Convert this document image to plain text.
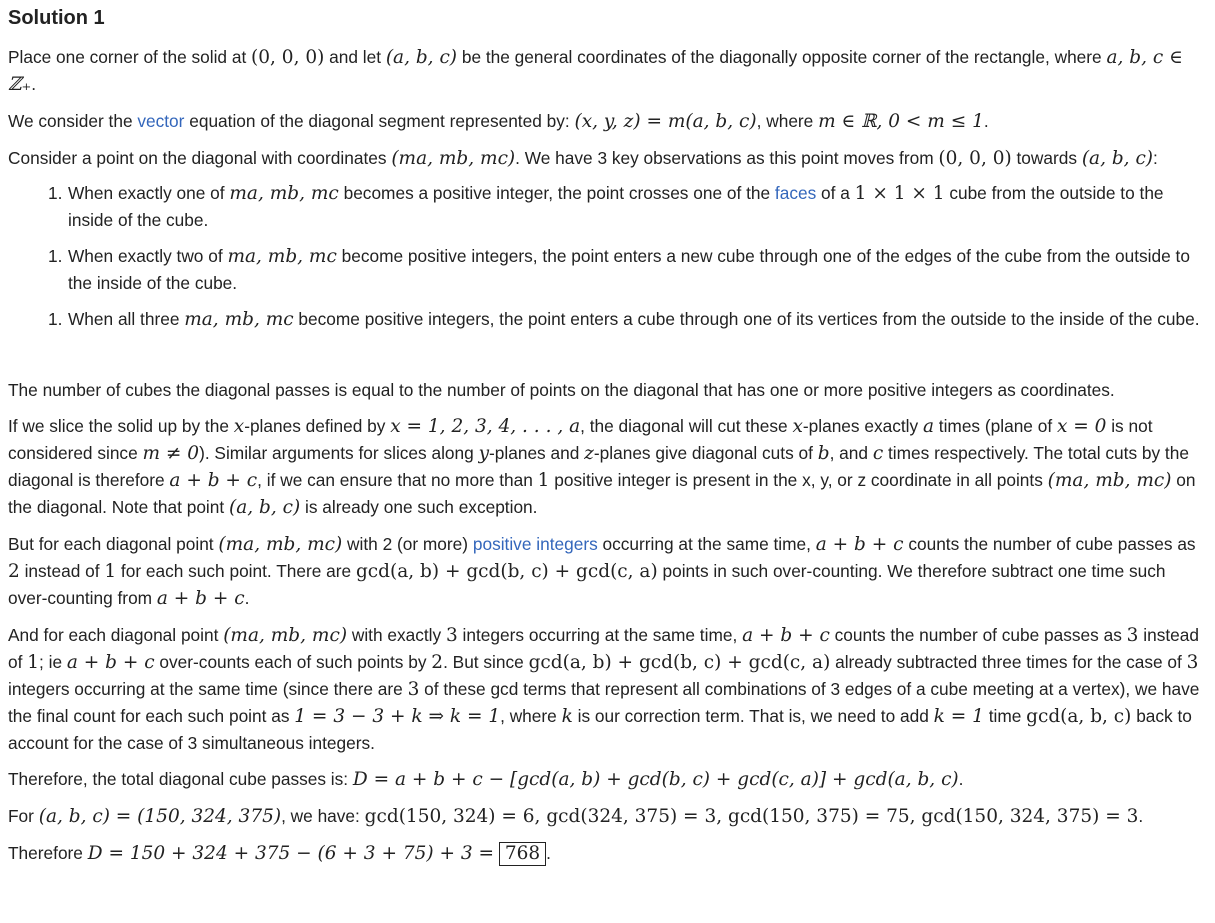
Solution 1

Place one corner of the solid at (0, 0, 0) and let (a, b, c) be the general coordinates of the diagonally opposite corner of the rectangle, where a, b, c ∈ ℤ₊.

We consider the vector equation of the diagonal segment represented by: (x, y, z) = m(a, b, c), where m ∈ ℝ, 0 < m ≤ 1.

Consider a point on the diagonal with coordinates (ma, mb, mc). We have 3 key observations as this point moves from (0, 0, 0) towards (a, b, c):

1. When exactly one of ma, mb, mc becomes a positive integer, the point crosses one of the faces of a 1 × 1 × 1 cube from the outside to the inside of the cube.
1. When exactly two of ma, mb, mc become positive integers, the point enters a new cube through one of the edges of the cube from the outside to the inside of the cube.
1. When all three ma, mb, mc become positive integers, the point enters a cube through one of its vertices from the outside to the inside of the cube.

The number of cubes the diagonal passes is equal to the number of points on the diagonal that has one or more positive integers as coordinates.

If we slice the solid up by the x-planes defined by x = 1, 2, 3, 4, . . . , a, the diagonal will cut these x-planes exactly a times (plane of x = 0 is not considered since m ≠ 0). Similar arguments for slices along y-planes and z-planes give diagonal cuts of b, and c times respectively. The total cuts by the diagonal is therefore a + b + c, if we can ensure that no more than 1 positive integer is present in the x, y, or z coordinate in all points (ma, mb, mc) on the diagonal. Note that point (a, b, c) is already one such exception.

But for each diagonal point (ma, mb, mc) with 2 (or more) positive integers occurring at the same time, a + b + c counts the number of cube passes as 2 instead of 1 for each such point. There are gcd(a, b) + gcd(b, c) + gcd(c, a) points in such over-counting. We therefore subtract one time such over-counting from a + b + c.

And for each diagonal point (ma, mb, mc) with exactly 3 integers occurring at the same time, a + b + c counts the number of cube passes as 3 instead of 1; ie a + b + c over-counts each of such points by 2. But since gcd(a, b) + gcd(b, c) + gcd(c, a) already subtracted three times for the case of 3 integers occurring at the same time (since there are 3 of these gcd terms that represent all combinations of 3 edges of a cube meeting at a vertex), we have the final count for each such point as 1 = 3 − 3 + k ⇒ k = 1, where k is our correction term. That is, we need to add k = 1 time gcd(a, b, c) back to account for the case of 3 simultaneous integers.

Therefore, the total diagonal cube passes is: D = a + b + c − [gcd(a, b) + gcd(b, c) + gcd(c, a)] + gcd(a, b, c).

For (a, b, c) = (150, 324, 375), we have: gcd(150, 324) = 6, gcd(324, 375) = 3, gcd(150, 375) = 75, gcd(150, 324, 375) = 3.

Therefore D = 150 + 324 + 375 − (6 + 3 + 75) + 3 = 768 .
